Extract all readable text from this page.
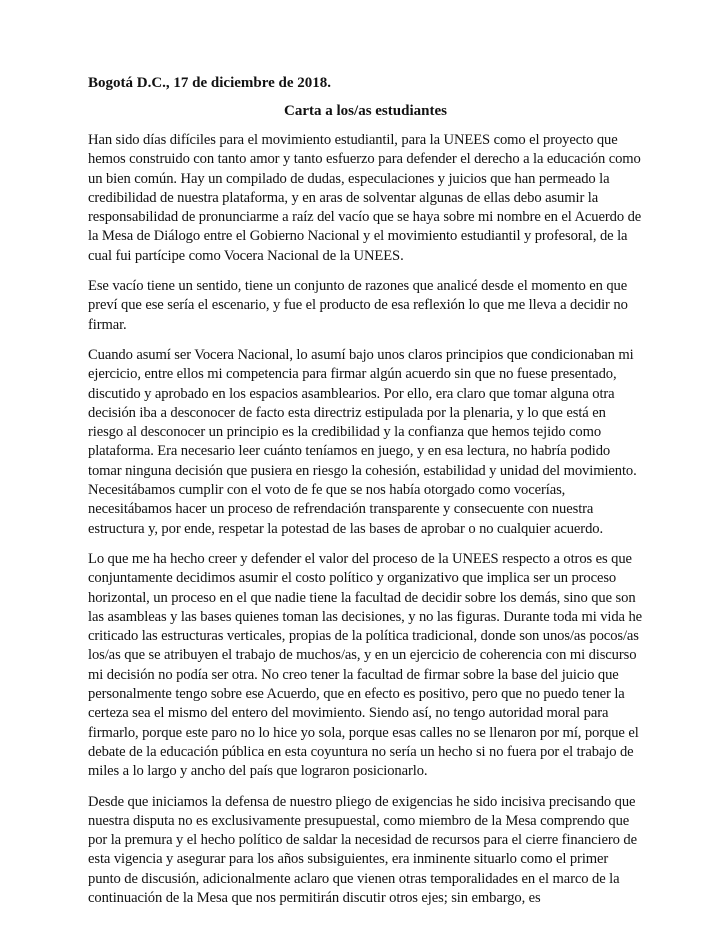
Bogotá D.C., 17 de diciembre de 2018.

Carta a los/as estudiantes

Han sido días difíciles para el movimiento estudiantil, para la UNEES como el proyecto que hemos construido con tanto amor y tanto esfuerzo para defender el derecho a la educación como un bien común. Hay un compilado de dudas, especulaciones y juicios que han permeado la credibilidad de nuestra plataforma, y en aras de solventar algunas de ellas debo asumir la responsabilidad de pronunciarme a raíz del vacío que se haya sobre mi nombre en el Acuerdo de la Mesa de Diálogo entre el Gobierno Nacional y el movimiento estudiantil y profesoral, de la cual fui partícipe como Vocera Nacional de la UNEES.

Ese vacío tiene un sentido, tiene un conjunto de razones que analicé desde el momento en que preví que ese sería el escenario, y fue el producto de esa reflexión lo que me lleva a decidir no firmar.

Cuando asumí ser Vocera Nacional, lo asumí bajo unos claros principios que condicionaban mi ejercicio, entre ellos mi competencia para firmar algún acuerdo sin que no fuese presentado, discutido y aprobado en los espacios asamblearios. Por ello, era claro que tomar alguna otra decisión iba a desconocer de facto esta directriz estipulada por la plenaria, y lo que está en riesgo al desconocer un principio es la credibilidad y la confianza que hemos tejido como plataforma. Era necesario leer cuánto teníamos en juego, y en esa lectura, no habría podido tomar ninguna decisión que pusiera en riesgo la cohesión, estabilidad y unidad del movimiento. Necesitábamos cumplir con el voto de fe que se nos había otorgado como vocerías, necesitábamos hacer un proceso de refrendación transparente y consecuente con nuestra estructura y, por ende, respetar la potestad de las bases de aprobar o no cualquier acuerdo.

Lo que me ha hecho creer y defender el valor del proceso de la UNEES respecto a otros es que conjuntamente decidimos asumir el costo político y organizativo que implica ser un proceso horizontal, un proceso en el que nadie tiene la facultad de decidir sobre los demás, sino que son las asambleas y las bases quienes toman las decisiones, y no las figuras. Durante toda mi vida he criticado las estructuras verticales, propias de la política tradicional, donde son unos/as pocos/as los/as que se atribuyen el trabajo de muchos/as, y en un ejercicio de coherencia con mi discurso mi decisión no podía ser otra. No creo tener la facultad de firmar sobre la base del juicio que personalmente tengo sobre ese Acuerdo, que en efecto es positivo, pero que no puedo tener la certeza sea el mismo del entero del movimiento. Siendo así, no tengo autoridad moral para firmarlo, porque este paro no lo hice yo sola, porque esas calles no se llenaron por mí, porque el debate de la educación pública en esta coyuntura no sería un hecho si no fuera por el trabajo de miles a lo largo y ancho del país que lograron posicionarlo.

Desde que iniciamos la defensa de nuestro pliego de exigencias he sido incisiva precisando que nuestra disputa no es exclusivamente presupuestal, como miembro de la Mesa comprendo que por la premura y el hecho político de saldar la necesidad de recursos para el cierre financiero de esta vigencia y asegurar para los años subsiguientes, era inminente situarlo como el primer punto de discusión, adicionalmente aclaro que vienen otras temporalidades en el marco de la continuación de la Mesa que nos permitirán discutir otros ejes; sin embargo, es
